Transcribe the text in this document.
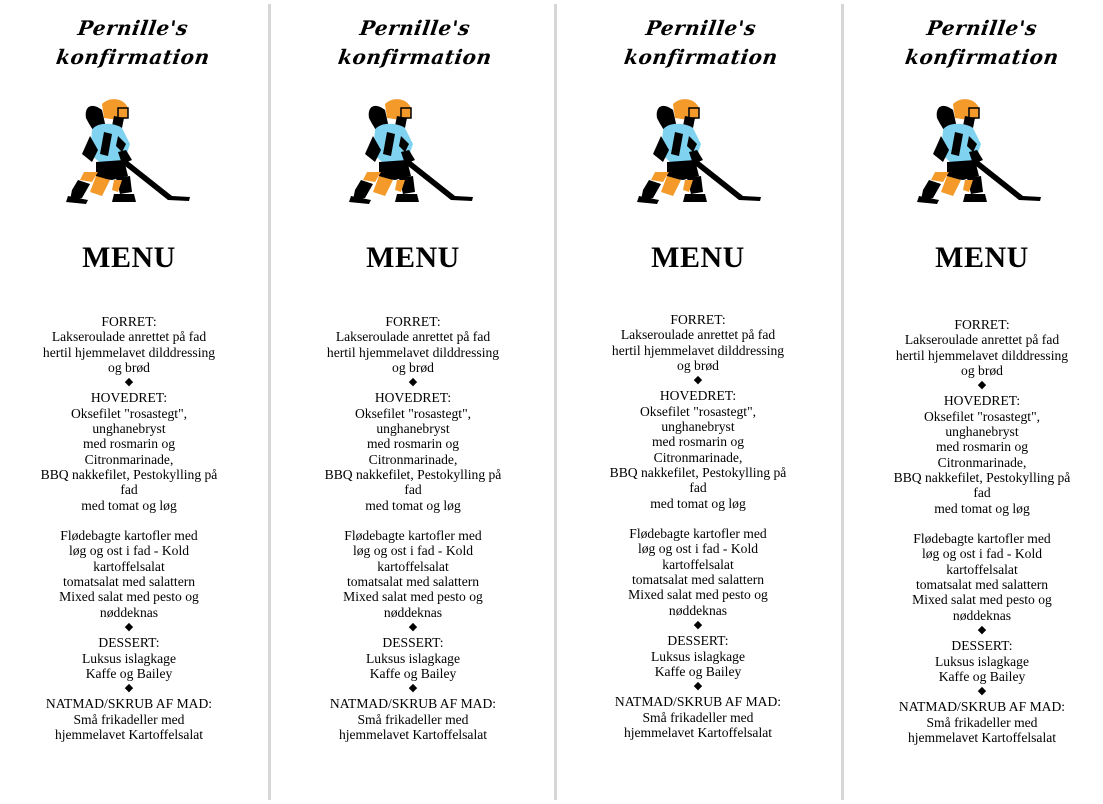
Pernille's
konfirmation
MENU
FORRET:
Lakseroulade anrettet på fad
hertil hjemmelavet dilddressing
og brød
◆
HOVEDRET:
Oksefilet "rosastegt",
unghanebryst
med rosmarin og
Citronmarinade,
BBQ nakkefilet, Pestokylling på
fad
med tomat og løg
Flødebagte kartofler med
løg og ost i fad - Kold
kartoffelsalat
tomatsalat med salattern
Mixed salat med pesto og
nøddeknas
◆
DESSERT:
Luksus islagkage
Kaffe og Bailey
◆
NATMAD/SKRUB AF MAD:
Små frikadeller med
hjemmelavet Kartoffelsalat
Pernille's
konfirmation
MENU
FORRET:
Lakseroulade anrettet på fad
hertil hjemmelavet dilddressing
og brød
◆
HOVEDRET:
Oksefilet "rosastegt",
unghanebryst
med rosmarin og
Citronmarinade,
BBQ nakkefilet, Pestokylling på
fad
med tomat og løg
Flødebagte kartofler med
løg og ost i fad - Kold
kartoffelsalat
tomatsalat med salattern
Mixed salat med pesto og
nøddeknas
◆
DESSERT:
Luksus islagkage
Kaffe og Bailey
◆
NATMAD/SKRUB AF MAD:
Små frikadeller med
hjemmelavet Kartoffelsalat
Pernille's
konfirmation
MENU
FORRET:
Lakseroulade anrettet på fad
hertil hjemmelavet dilddressing
og brød
◆
HOVEDRET:
Oksefilet "rosastegt",
unghanebryst
med rosmarin og
Citronmarinade,
BBQ nakkefilet, Pestokylling på
fad
med tomat og løg
Flødebagte kartofler med
løg og ost i fad - Kold
kartoffelsalat
tomatsalat med salattern
Mixed salat med pesto og
nøddeknas
◆
DESSERT:
Luksus islagkage
Kaffe og Bailey
◆
NATMAD/SKRUB AF MAD:
Små frikadeller med
hjemmelavet Kartoffelsalat
Pernille's
konfirmation
MENU
FORRET:
Lakseroulade anrettet på fad
hertil hjemmelavet dilddressing
og brød
◆
HOVEDRET:
Oksefilet "rosastegt",
unghanebryst
med rosmarin og
Citronmarinade,
BBQ nakkefilet, Pestokylling på
fad
med tomat og løg
Flødebagte kartofler med
løg og ost i fad - Kold
kartoffelsalat
tomatsalat med salattern
Mixed salat med pesto og
nøddeknas
◆
DESSERT:
Luksus islagkage
Kaffe og Bailey
◆
NATMAD/SKRUB AF MAD:
Små frikadeller med
hjemmelavet Kartoffelsalat
